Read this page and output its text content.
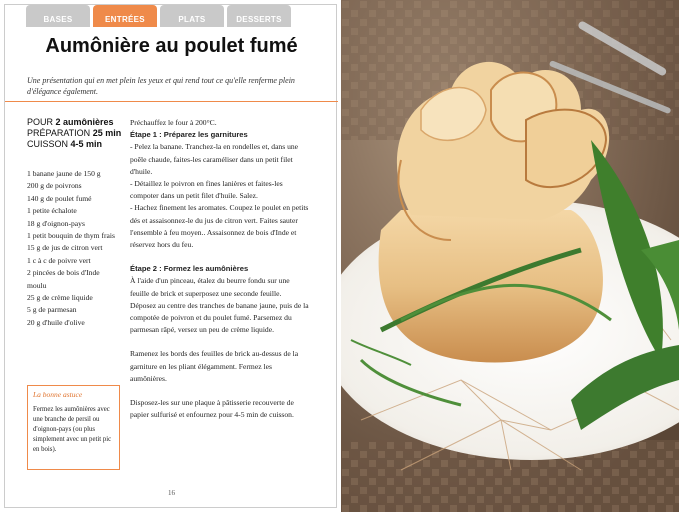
BASES	ENTRÉES	PLATS	DESSERTS
Aumônière au poulet fumé
Une présentation qui en met plein les yeux et qui rend tout ce qu'elle renferme plein d'élégance également.
POUR 2 aumônières
PRÉPARATION 25 min
CUISSON 4-5 min
1 banane jaune de 150 g
200 g de poivrons
140 g de poulet fumé
1 petite échalote
18 g d'oignon-pays
1 petit bouquin de thym frais
15 g de jus de citron vert
1 c à c de poivre vert
2 pincées de bois d'Inde moulu
25 g de crème liquide
5 g de parmesan
20 g d'huile d'olive
La bonne astuce
Fermez les aumônières avec une branche de persil ou d'oignon-pays (ou plus simplement avec un petit pic en bois).

Préchauffez le four à 200°C.

Étape 1 : Préparez les garnitures

- Pelez la banane. Tranchez-la en rondelles et, dans une poêle chaude, faites-les caraméliser dans un petit filet d'huile.

- Détaillez le poivron en fines lanières et faites-les compoter dans un petit filet d'huile. Salez.

- Hachez finement les aromates. Coupez le poulet en petits dés et assaisonnez-le du jus de citron vert. Faites sauter l'ensemble à feu moyen.. Assaisonnez de bois d'Inde et réservez hors du feu.

Étape 2 : Formez les aumônières

À l'aide d'un pinceau, étalez du beurre fondu sur une feuille de brick et superposez une seconde feuille.

Déposez au centre des tranches de banane jaune, puis de la compotée de poivron et du poulet fumé. Parsemez du parmesan râpé, versez un peu de crème liquide.

Ramenez les bords des feuilles de brick au-dessus de la garniture en les pliant élégamment. Fermez les aumônières.

Disposez-les sur une plaque à pâtisserie recouverte de papier sulfurisé et enfournez pour 4-5 min de cuisson.

16
